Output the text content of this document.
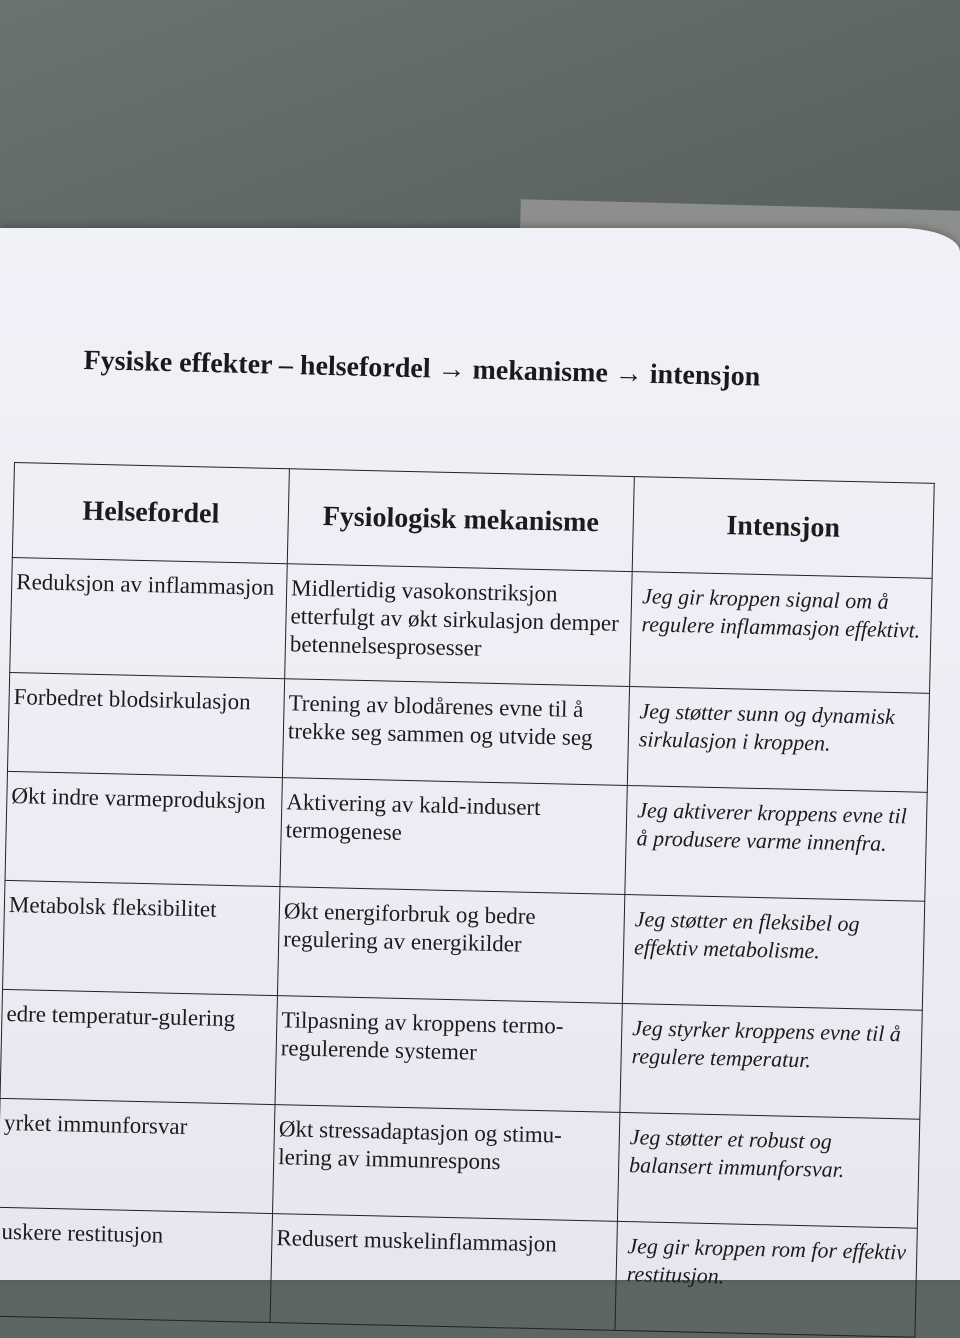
Fysiske effekter – helsefordel → mekanisme → intensjon
Helsefordel	Fysiologisk mekanisme	Intensjon
Reduksjon av inflammasjon	Midlertidig vasokonstriksjon etterfulgt av økt sirkulasjon demper betennelsesprosesser	Jeg gir kroppen signal om å regulere inflammasjon effektivt.
Forbedret blodsirkulasjon	Trening av blodårenes evne til å trekke seg sammen og utvide seg	Jeg støtter sunn og dynamisk sirkulasjon i kroppen.
Økt indre varmeproduksjon	Aktivering av kald-indusert termogenese	Jeg aktiverer kroppens evne til å produsere varme innenfra.
Metabolsk fleksibilitet	Økt energiforbruk og bedre regulering av energikilder	Jeg støtter en fleksibel og effektiv metabolisme.
edre temperatur-gulering	Tilpasning av kroppens termo-regulerende systemer	Jeg styrker kroppens evne til å regulere temperatur.
yrket immunforsvar	Økt stressadaptasjon og stimu-lering av immunrespons	Jeg støtter et robust og balansert immunforsvar.
uskere restitusjon	Redusert muskelinflammasjon	Jeg gir kroppen rom for effektiv restitusjon.
